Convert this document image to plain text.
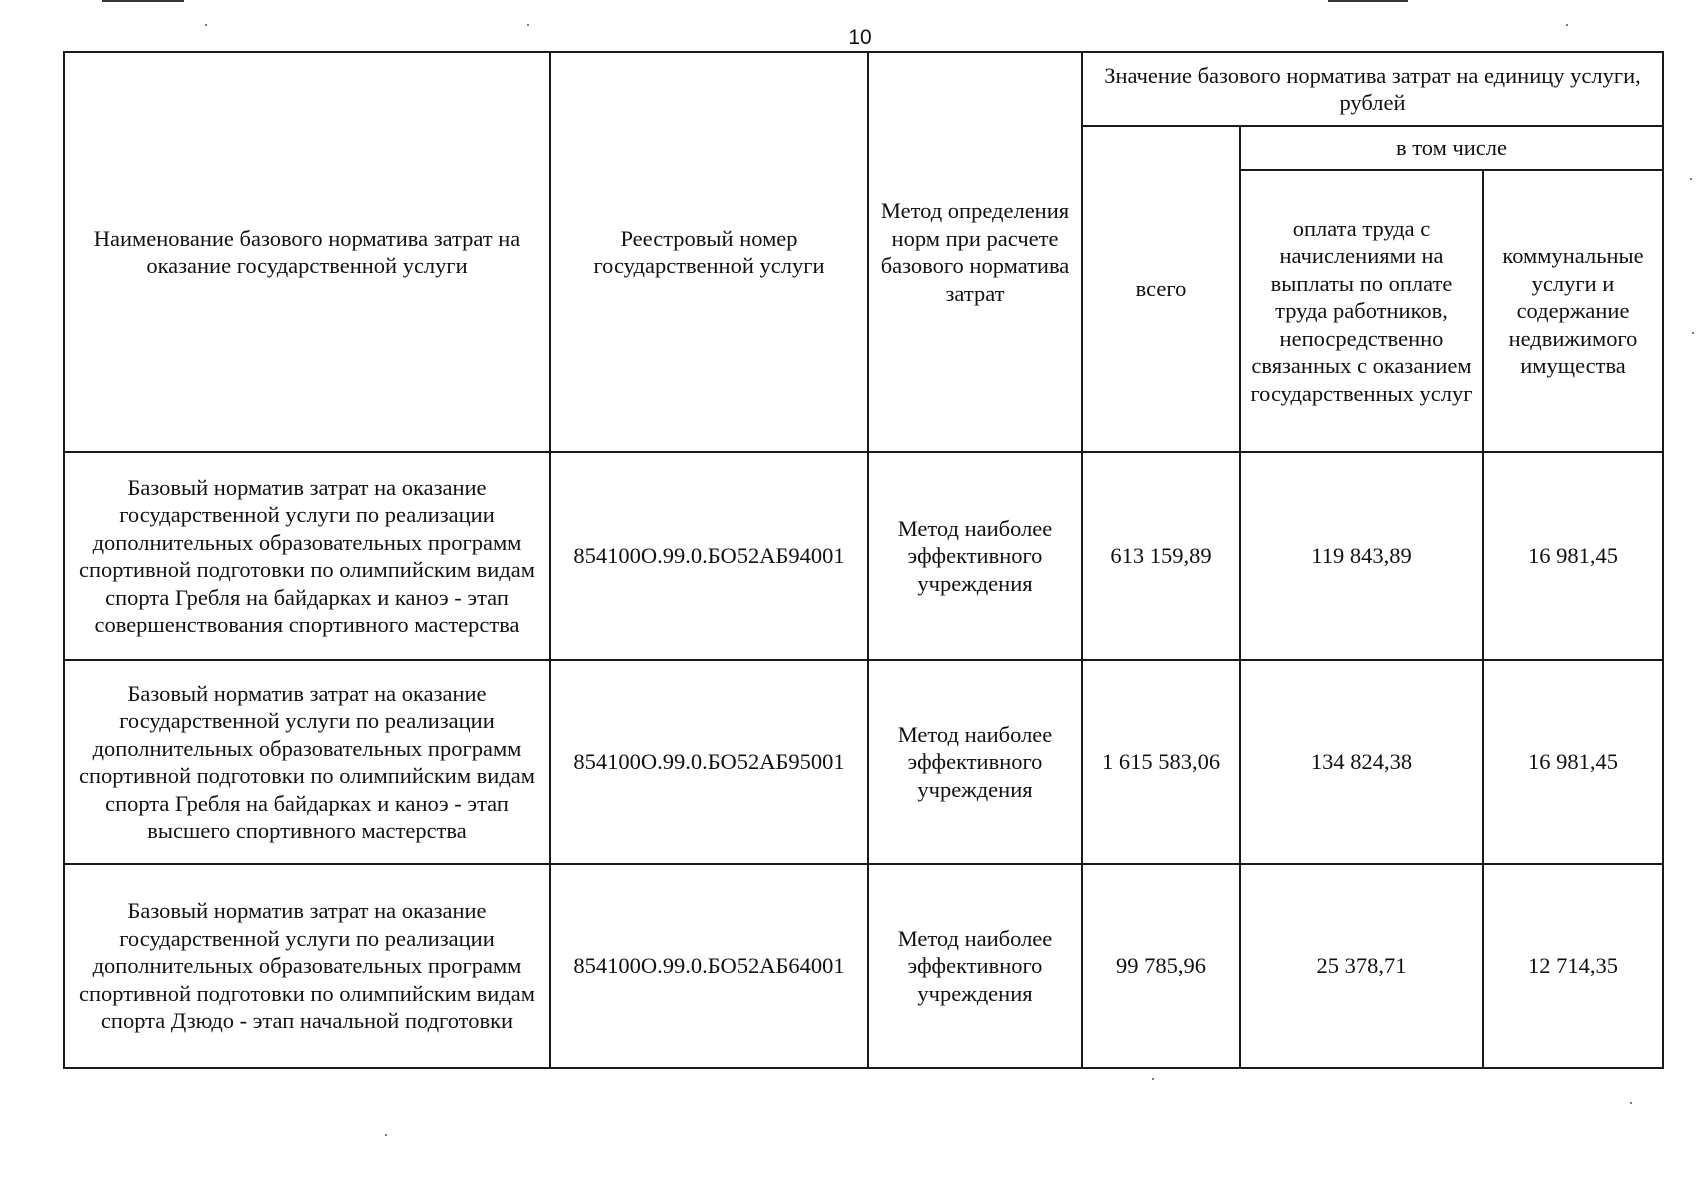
10
Наименование базового норматива затрат на оказание государственной услуги	Реестровый номер государственной услуги	Метод определения норм при расчете базового норматива затрат	Значение базового норматива затрат на единицу услуги, рублей		
			всего	в том числе	
				оплата труда с начислениями на выплаты по оплате труда работников, непосредственно связанных с оказанием государственных услуг	коммунальные услуги и содержание недвижимого имущества
Базовый норматив затрат на оказание государственной услуги по реализации дополнительных образовательных программ спортивной подготовки по олимпийским видам спорта Гребля на байдарках и каноэ - этап совершенствования спортивного мастерства	854100О.99.0.БО52АБ94001	Метод наиболее эффективного учреждения	613 159,89	119 843,89	16 981,45
Базовый норматив затрат на оказание государственной услуги по реализации дополнительных образовательных программ спортивной подготовки по олимпийским видам спорта Гребля на байдарках и каноэ - этап высшего спортивного мастерства	854100О.99.0.БО52АБ95001	Метод наиболее эффективного учреждения	1 615 583,06	134 824,38	16 981,45
Базовый норматив затрат на оказание государственной услуги по реализации дополнительных образовательных программ спортивной подготовки по олимпийским видам спорта Дзюдо - этап начальной подготовки	854100О.99.0.БО52АБ64001	Метод наиболее эффективного учреждения	99 785,96	25 378,71	12 714,35
